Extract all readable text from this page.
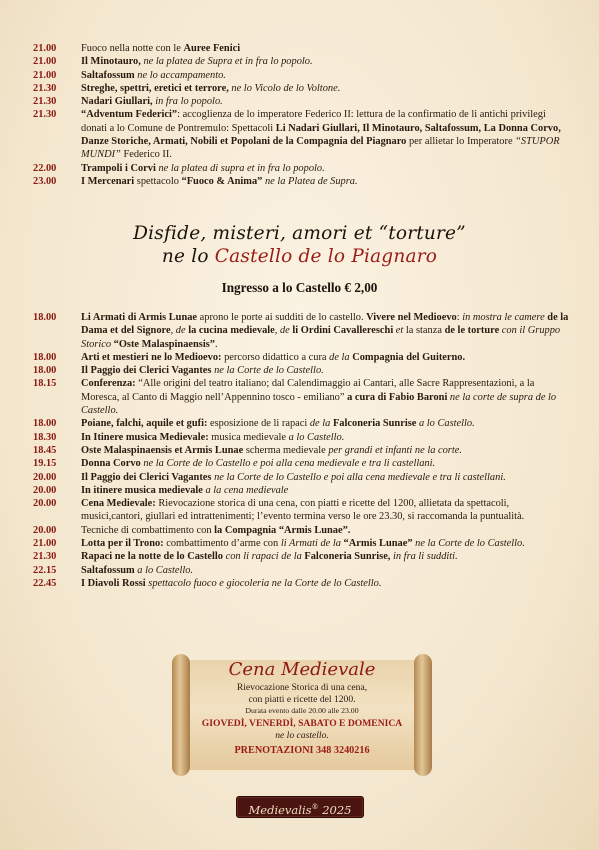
21.00	Fuoco nella notte con le Auree Fenici
21.00	Il Minotauro, ne la platea de Supra et in fra lo popolo.
21.00	Saltafossum ne lo accampamento.
21.30	Streghe, spettri, eretici et terrore, ne lo Vicolo de lo Voltone.
21.30	Nadari Giullari, in fra lo popolo.
21.30	“Adventum Federici”: accoglienza de lo imperatore Federico II: lettura de la confirmatio de li antichi privilegi donati a lo Comune de Pontremulo: Spettacoli Li Nadari Giullari, Il Minotauro, Saltafossum, La Donna Corvo, Danze Storiche, Armati, Nobili et Popolani de la Compagnia del Piagnaro per allietar lo Imperatore “STUPOR MUNDI” Federico II.
22.00	Trampoli i Corvi ne la platea di supra et in fra lo popolo.
23.00	I Mercenari spettacolo “Fuoco & Anima” ne la Platea de Supra.
Disfide, misteri, amori et “torture”
ne lo Castello de lo Piagnaro
Ingresso a lo Castello € 2,00
18.00	Li Armati di Armis Lunae aprono le porte ai sudditi de lo castello. Vivere nel Medioevo: in mostra le camere de la Dama et del Signore, de la cucina medievale, de li Ordini Cavallereschi et la stanza de le torture con il Gruppo Storico “Oste Malaspinaensis”.
18.00	Arti et mestieri ne lo Medioevo: percorso didattico a cura de la Compagnia del Guiterno.
18.00	Il Paggio dei Clerici Vagantes ne la Corte de lo Castello.
18.15	Conferenza: “Alle origini del teatro italiano; dal Calendimaggio ai Cantari, alle Sacre Rappresentazioni, a la Moresca, al Canto di Maggio nell’Appennino tosco - emiliano” a cura di Fabio Baroni ne la corte de supra de lo Castello.
18.00	Poiane, falchi, aquile et gufi: esposizione de li rapaci de la Falconeria Sunrise a lo Castello.
18.30	In Itinere musica Medievale: musica medievale a lo Castello.
18.45	Oste Malaspinaensis et Armis Lunae scherma medievale per grandi et infanti ne la corte.
19.15	Donna Corvo ne la Corte de lo Castello e poi alla cena medievale e tra li castellani.
20.00	Il Paggio dei Clerici Vagantes ne la Corte de lo Castello e poi alla cena medievale e tra li castellani.
20.00	In itinere musica medievale a la cena medievale
20.00	Cena Medievale: Rievocazione storica di una cena, con piatti e ricette del 1200, allietata da spettacoli, musici,cantori, giullari ed intrattenimenti; l’evento termina verso le ore 23.30, si raccomanda la puntualità.
20.00	Tecniche di combattimento con la Compagnia “Armis Lunae”.
21.00	Lotta per il Trono: combattimento d’arme con li Armati de la “Armis Lunae” ne la Corte de lo Castello.
21.30	Rapaci ne la notte de lo Castello con li rapaci de la Falconeria Sunrise, in fra li sudditi.
22.15	Saltafossum a lo Castello.
22.45	I Diavoli Rossi spettacolo fuoco e giocoleria ne la Corte de lo Castello.
Cena Medievale
Rievocazione Storica di una cena,
con piatti e ricette del 1200.
Durata evento dalle 20.00 alle 23.00
GIOVEDÌ, VENERDÌ, SABATO E DOMENICA
ne lo castello.
PRENOTAZIONI 348 3240216
Medievalis® 2025
